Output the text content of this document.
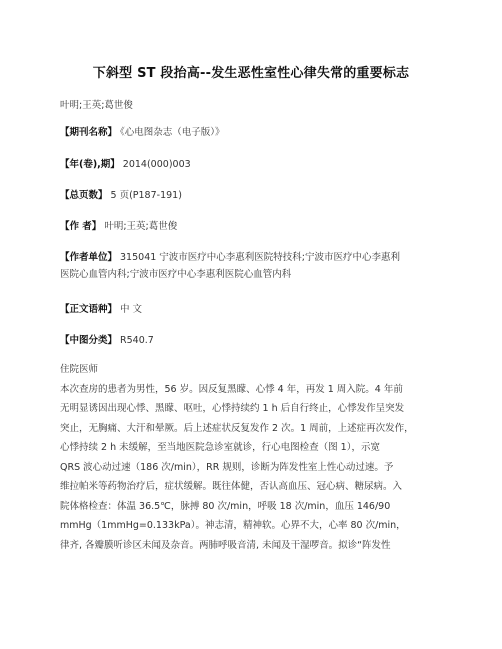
下斜型 ST 段抬高--发生恶性室性心律失常的重要标志
叶明;王英;葛世俊
【期刊名称】 《心电图杂志（电子版）》
【年(卷),期】 2014(000)003
【总页数】 5 页(P187-191)
【作 者】 叶明;王英;葛世俊
【作者单位】 315041 宁波市医疗中心李惠利医院特技科;宁波市医疗中心李惠利
医院心血管内科;宁波市医疗中心李惠利医院心血管内科
【正文语种】 中 文
【中图分类】 R540.7

住院医师

本次查房的患者为男性，56 岁。因反复黑矇、心悸 4 年，再发 1 周入院。4 年前

无明显诱因出现心悸、黑矇、呕吐，心悸持续约 1 h 后自行终止，心悸发作呈突发

突止，无胸痛、大汗和晕厥。后上述症状反复发作 2 次。1 周前，上述症再次发作，

心悸持续 2 h 未缓解，至当地医院急诊室就诊，行心电图检查（图 1），示宽

QRS 波心动过速（186 次/min），RR 规则，诊断为阵发性室上性心动过速。予

维拉帕米等药物治疗后，症状缓解。既往体健，否认高血压、冠心病、糖尿病。入

院体格检查：体温 36.5℃，脉搏 80 次/min，呼吸 18 次/min，血压 146/90

mmHg（1mmHg=0.133kPa）。神志清，精神软。心界不大，心率 80 次/min，

律齐, 各瓣膜听诊区未闻及杂音。两肺呼吸音清, 未闻及干湿啰音。拟诊“阵发性
